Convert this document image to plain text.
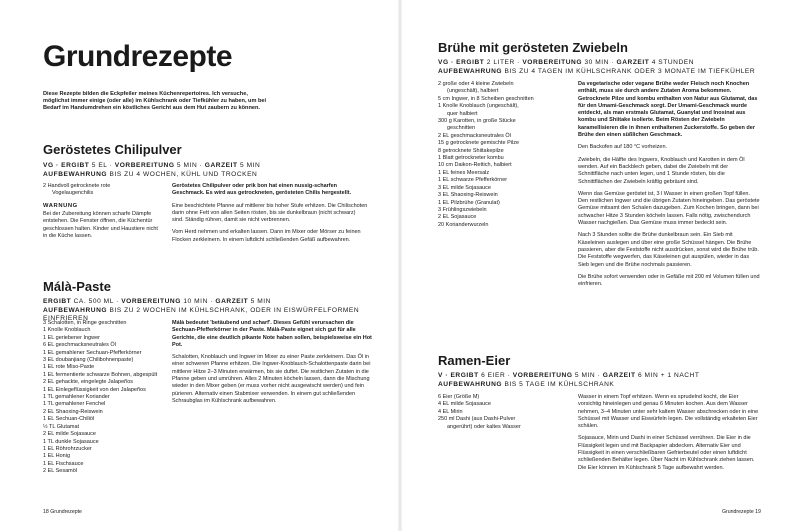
Grundrezepte
Diese Rezepte bilden die Eckpfeiler meines Küchenrepertoires. Ich versuche, möglichst immer einige (oder alle) im Kühlschrank oder Tiefkühler zu haben, um bei Bedarf im Handumdrehen ein köstliches Gericht aus dem Hut zaubern zu können.
Geröstetes Chilipulver
VG · ERGIBT 5 EL · VORBEREITUNG 5 MIN · GARZEIT 5 MIN
AUFBEWAHRUNG BIS ZU 4 WOCHEN, KÜHL UND TROCKEN
2 Handvoll getrocknete rote
Vogelaugenchilis
WARNUNG
Bei der Zubereitung können scharfe Dämpfe entstehen. Die Fenster öffnen, die Küchentür geschlossen halten. Kinder und Haustiere nicht in die Küche lassen.

Geröstetes Chilipulver oder prik bon hat einen nussig-scharfen Geschmack. Es wird aus getrockneten, gerösteten Chilis hergestellt.

Eine beschichtete Pfanne auf mittlerer bis hoher Stufe erhitzen. Die Chilischoten darin ohne Fett von allen Seiten rösten, bis sie dunkelbraun (nicht schwarz) sind. Ständig rühren, damit sie nicht verbrennen.

Vom Herd nehmen und erkalten lassen. Dann im Mixer oder Mörser zu feinen Flocken zerkleinern. In einem luftdicht schließenden Gefäß aufbewahren.

Málà-Paste
ERGIBT CA. 500 ML · VORBEREITUNG 10 MIN · GARZEIT 5 MIN
AUFBEWAHRUNG BIS ZU 2 WOCHEN IM KÜHLSCHRANK, ODER IN EISWÜRFELFORMEN EINFRIEREN
3 Schalotten, in Ringe geschnitten
1 Knolle Knoblauch
1 EL geriebener Ingwer
6 EL geschmacksneutrales Öl
1 EL gemahlener Sechuan-Pfefferkörner
3 EL doubanjiang (Chilibohnenpaste)
1 EL rote Miso-Paste
1 EL fermentierte schwarze Bohnen, abgespült
2 EL gehackte, eingelegte Jalapeños
1 EL Einlegeflüssigkeit von den Jalapeños
1 TL gemahlener Koriander
1 TL gemahlener Fenchel
2 EL Shaoxing-Reiswein
1 EL Sechuan-Chiliöl
½ TL Glutamat
2 EL milde Sojasauce
1 TL dunkle Sojasauce
1 EL Röhrohrzucker
1 EL Honig
1 EL Fischsauce
2 EL Sesamöl

Málà bedeutet 'betäubend und scharf'. Dieses Gefühl verursachen die Sechuan-Pfefferkörner in der Paste. Málà-Paste eignet sich gut für alle Gerichte, die eine deutlich pikante Note haben sollen, beispielsweise ein Hot Pot.

Schalotten, Knoblauch und Ingwer im Mixer zu einer Paste zerkleinern. Das Öl in einer schweren Pfanne erhitzen. Die Ingwer-Knoblauch-Schalottenpaste darin bei mittlerer Hitze 2–3 Minuten erwärmen, bis sie duftet. Die restlichen Zutaten in die Pfanne geben und umrühren. Alles 2 Minuten köcheln lassen, dann die Mischung wieder in den Mixer geben (er muss vorher nicht ausgewischt werden) und fein pürieren. Alternativ einen Stabmixer verwenden. In einem gut schließenden Schraubglas im Kühlschrank aufbewahren.

18 Grundrezepte
Brühe mit gerösteten Zwiebeln
VG · ERGIBT 2 LITER · VORBEREITUNG 30 MIN · GARZEIT 4 STUNDEN
AUFBEWAHRUNG BIS ZU 4 TAGEN IM KÜHLSCHRANK ODER 3 MONATE IM TIEFKÜHLER
2 große oder 4 kleine Zwiebeln
(ungeschält), halbiert
5 cm Ingwer, in 8 Scheiben geschnitten
1 Knolle Knoblauch (ungeschält),
quer halbiert
300 g Karotten, in große Stücke
geschnitten
2 EL geschmacksneutrales Öl
15 g getrocknete gemischte Pilze
8 getrocknete Shiitakepilze
1 Blatt getrockneter kombu
10 cm Daikon-Rettich, halbiert
1 EL feines Meersalz
1 EL schwarze Pfefferkörner
3 EL milde Sojasauce
3 EL Shaoxing-Reiswein
1 EL Pilzbrühe (Granulat)
3 Frühlingszwiebeln
2 EL Sojasauce
20 Korianderwurzeln

Da vegetarische oder vegane Brühe weder Fleisch noch Knochen enthält, muss sie durch andere Zutaten Aroma bekommen. Getrocknete Pilze und kombu enthalten von Natur aus Glutamat, das für den Umami-Geschmack sorgt. Der Umami-Geschmack wurde entdeckt, als man erstmals Glutamat, Guanylat und Inosinat aus kombu und Shiitake isolierte. Beim Rösten der Zwiebeln karamellisieren die in ihnen enthaltenen Zuckerstoffe. So geben der Brühe den einen süßlichen Geschmack.

Den Backofen auf 180 °C vorheizen.

Zwiebeln, die Hälfte des Ingwers, Knoblauch und Karotten in dem Öl wenden. Auf ein Backblech geben, dabei die Zwiebeln mit der Schnittfläche nach unten legen, und 1 Stunde rösten, bis die Schnittflächen der Zwiebeln kräftig gebräunt sind.

Wenn das Gemüse geröstet ist, 3 l Wasser in einen großen Topf füllen. Den restlichen Ingwer und die übrigen Zutaten hineingeben. Das geröstete Gemüse mitsamt den Schalen dazugeben. Zum Kochen bringen, dann bei schwacher Hitze 3 Stunden köcheln lassen. Falls nötig, zwischendurch Wasser nachgießen. Das Gemüse muss immer bedeckt sein.

Nach 3 Stunden sollte die Brühe dunkelbraun sein. Ein Sieb mit Käseleinen auslegen und über eine große Schüssel hängen. Die Brühe passieren, aber die Feststoffe nicht ausdrücken, sonst wird die Brühe trüb. Die Feststoffe wegwerfen, das Käseleinen gut auspülen, wieder in das Sieb legen und die Brühe nochmals passieren.

Die Brühe sofort verwenden oder in Gefäße mit 200 ml Volumen füllen und einfrieren.

Ramen-Eier
V · ERGIBT 6 EIER · VORBEREITUNG 5 MIN · GARZEIT 6 MIN + 1 NACHT
AUFBEWAHRUNG BIS 5 TAGE IM KÜHLSCHRANK
6 Eier (Größe M)
4 EL milde Sojasauce
4 EL Mirin
250 ml Dashi (aus Dashi-Pulver
angerührt) oder kaltes Wasser

Wasser in einem Topf erhitzen. Wenn es sprudelnd kocht, die Eier vorsichtig hineinlegen und genau 6 Minuten kochen. Aus dem Wasser nehmen, 3–4 Minuten unter sehr kaltem Wasser abschrecken oder in eine Schüssel mit Wasser und Eiswürfeln legen. Die vollständig erkalteten Eier schälen.

Sojasauce, Mirin und Dashi in einer Schüssel verrühren. Die Eier in die Flüssigkeit legen und mit Backpapier abdecken. Alternativ Eier und Flüssigkeit in einen verschließbaren Gefrierbeutel oder einen luftdicht schließenden Behälter legen. Über Nacht im Kühlschrank ziehen lassen. Die Eier können im Kühlschrank 5 Tage aufbewahrt werden.

Grundrezepte 19
